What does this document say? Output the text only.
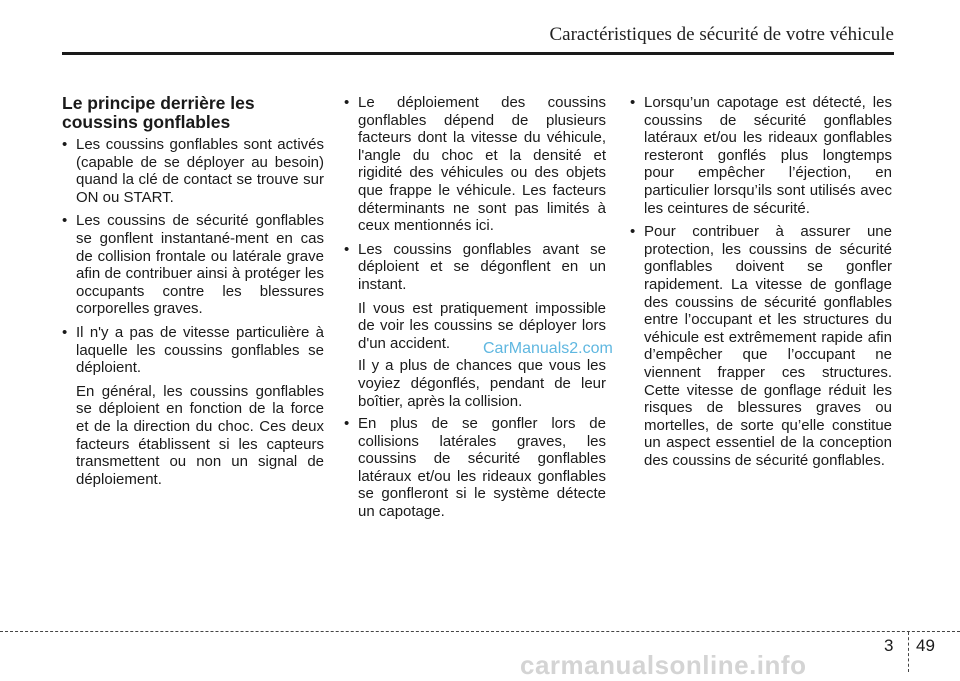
Caractéristiques de sécurité de votre véhicule
Le principe derrière les coussins gonflables
• Les coussins gonflables sont activés (capable de se déployer au besoin) quand la clé de contact se trouve sur ON ou START.
• Les coussins de sécurité gonflables se gonflent instantané-ment en cas de collision frontale ou latérale grave afin de contribuer ainsi à protéger les occupants contre les blessures corporelles graves.
• Il n'y a pas de vitesse particulière à laquelle les coussins gonflables se déploient.
En général, les coussins gonflables se déploient en fonction de la force et de la direction du choc. Ces deux facteurs établissent si les capteurs transmettent ou non un signal de déploiement.
• Le déploiement des coussins gonflables dépend de plusieurs facteurs dont la vitesse du véhicule, l'angle du choc et la densité et rigidité des véhicules ou des objets que frappe le véhicule. Les facteurs déterminants ne sont pas limités à ceux mentionnés ici.
• Les coussins gonflables avant se déploient et se dégonflent en un instant.
Il vous est pratiquement impossible de voir les coussins se déployer lors d'un accident.
Il y a plus de chances que vous les voyiez dégonflés, pendant de leur boîtier, après la collision.
• En plus de se gonfler lors de collisions latérales graves, les coussins de sécurité gonflables latéraux et/ou les rideaux gonflables se gonfleront si le système détecte un capotage.
• Lorsqu’un capotage est détecté, les coussins de sécurité gonflables latéraux et/ou les rideaux gonflables resteront gonflés plus longtemps pour empêcher l’éjection, en particulier lorsqu’ils sont utilisés avec les ceintures de sécurité.
• Pour contribuer à assurer une protection, les coussins de sécurité gonflables doivent se gonfler rapidement. La vitesse de gonflage des coussins de sécurité gonflables entre l’occupant et les structures du véhicule est extrêmement rapide afin d’empêcher que l’occupant ne viennent frapper ces structures. Cette vitesse de gonflage réduit les risques de blessures graves ou mortelles, de sorte qu’elle constitue un aspect essentiel de la conception des coussins de sécurité gonflables.
CarManuals2.com
3 49
carmanualsonline.info
